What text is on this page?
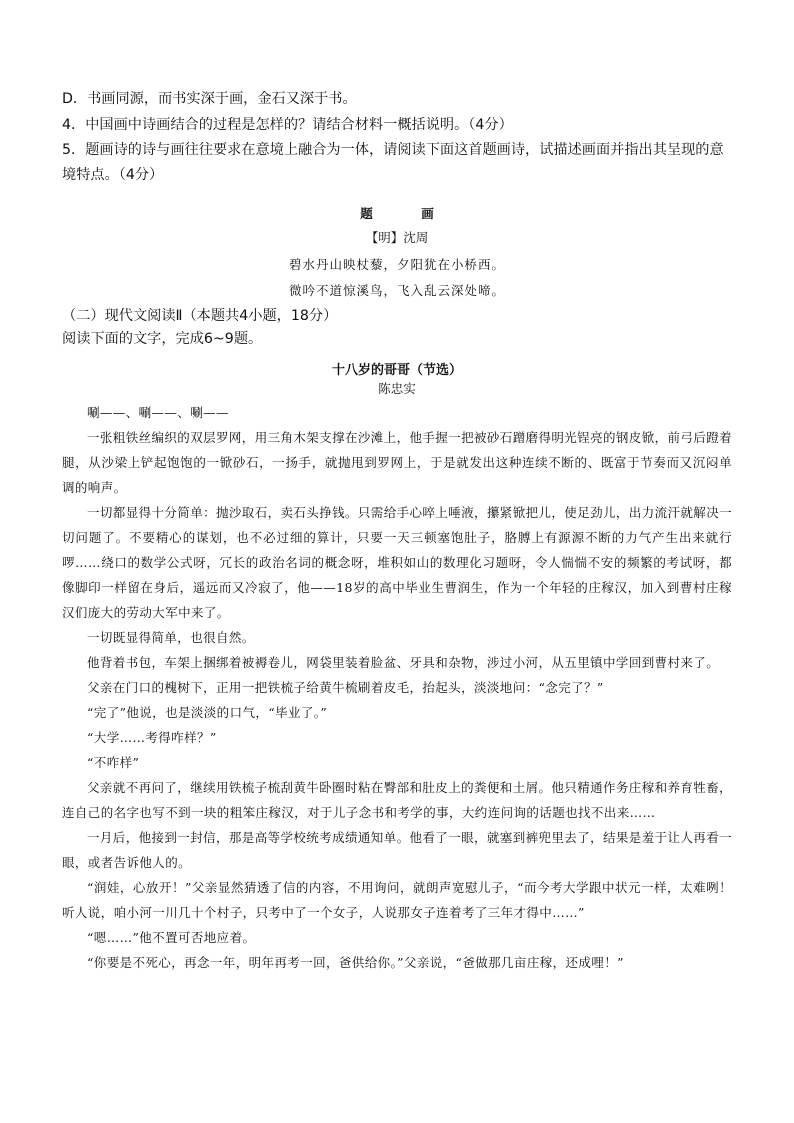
D．书画同源，而书实深于画，金石又深于书。

4．中国画中诗画结合的过程是怎样的？请结合材料一概括说明。（4分）

5．题画诗的诗与画往往要求在意境上融合为一体，请阅读下面这首题画诗，试描述画面并指出其呈现的意境特点。（4分）

题　画
【明】沈周
碧水丹山映杖藜，夕阳犹在小桥西。
微吟不道惊溪鸟，飞入乱云深处啼。
（二）现代文阅读Ⅱ（本题共4小题，18分）
阅读下面的文字，完成6~9题。
十八岁的哥哥（节选）
陈忠实

唰——、唰——、唰——

一张粗铁丝编织的双层罗网，用三角木架支撑在沙滩上，他手握一把被砂石蹭磨得明光锃亮的钢皮锨，前弓后蹬着腿，从沙梁上铲起饱饱的一锨砂石，一扬手，就抛甩到罗网上，于是就发出这种连续不断的、既富于节奏而又沉闷单调的响声。

一切都显得十分简单：抛沙取石，卖石头挣钱。只需给手心啐上唾液，攥紧锨把儿，使足劲儿，出力流汗就解决一切问题了。不要精心的谋划，也不必过细的算计，只要一天三顿塞饱肚子，胳膊上有源源不断的力气产生出来就行啰……绕口的数学公式呀，冗长的政治名词的概念呀，堆积如山的数理化习题呀，令人惴惴不安的频繁的考试呀，都像脚印一样留在身后，遥远而又冷寂了，他——18岁的高中毕业生曹润生，作为一个年轻的庄稼汉，加入到曹村庄稼汉们庞大的劳动大军中来了。

一切既显得简单，也很自然。

他背着书包，车架上捆绑着被褥卷儿，网袋里装着脸盆、牙具和杂物，涉过小河，从五里镇中学回到曹村来了。

父亲在门口的槐树下，正用一把铁梳子给黄牛梳刷着皮毛，抬起头，淡淡地问：“念完了？”

“完了”他说，也是淡淡的口气，“毕业了。”

“大学……考得咋样？”

“不咋样”

父亲就不再问了，继续用铁梳子梳刮黄牛卧圈时粘在臀部和肚皮上的粪便和土屑。他只精通作务庄稼和养育牲畜，连自己的名字也写不到一块的粗笨庄稼汉，对于儿子念书和考学的事，大约连问询的话题也找不出来……

一月后，他接到一封信，那是高等学校统考成绩通知单。他看了一眼，就塞到裤兜里去了，结果是羞于让人再看一眼，或者告诉他人的。

“润娃，心放开！”父亲显然猜透了信的内容，不用询问，就朗声宽慰儿子，“而今考大学跟中状元一样，太难咧！听人说，咱小河一川几十个村子，只考中了一个女子，人说那女子连着考了三年才得中……”

“嗯……”他不置可否地应着。

“你要是不死心，再念一年，明年再考一回，爸供给你。”父亲说，“爸做那几亩庄稼，还成哩！”
